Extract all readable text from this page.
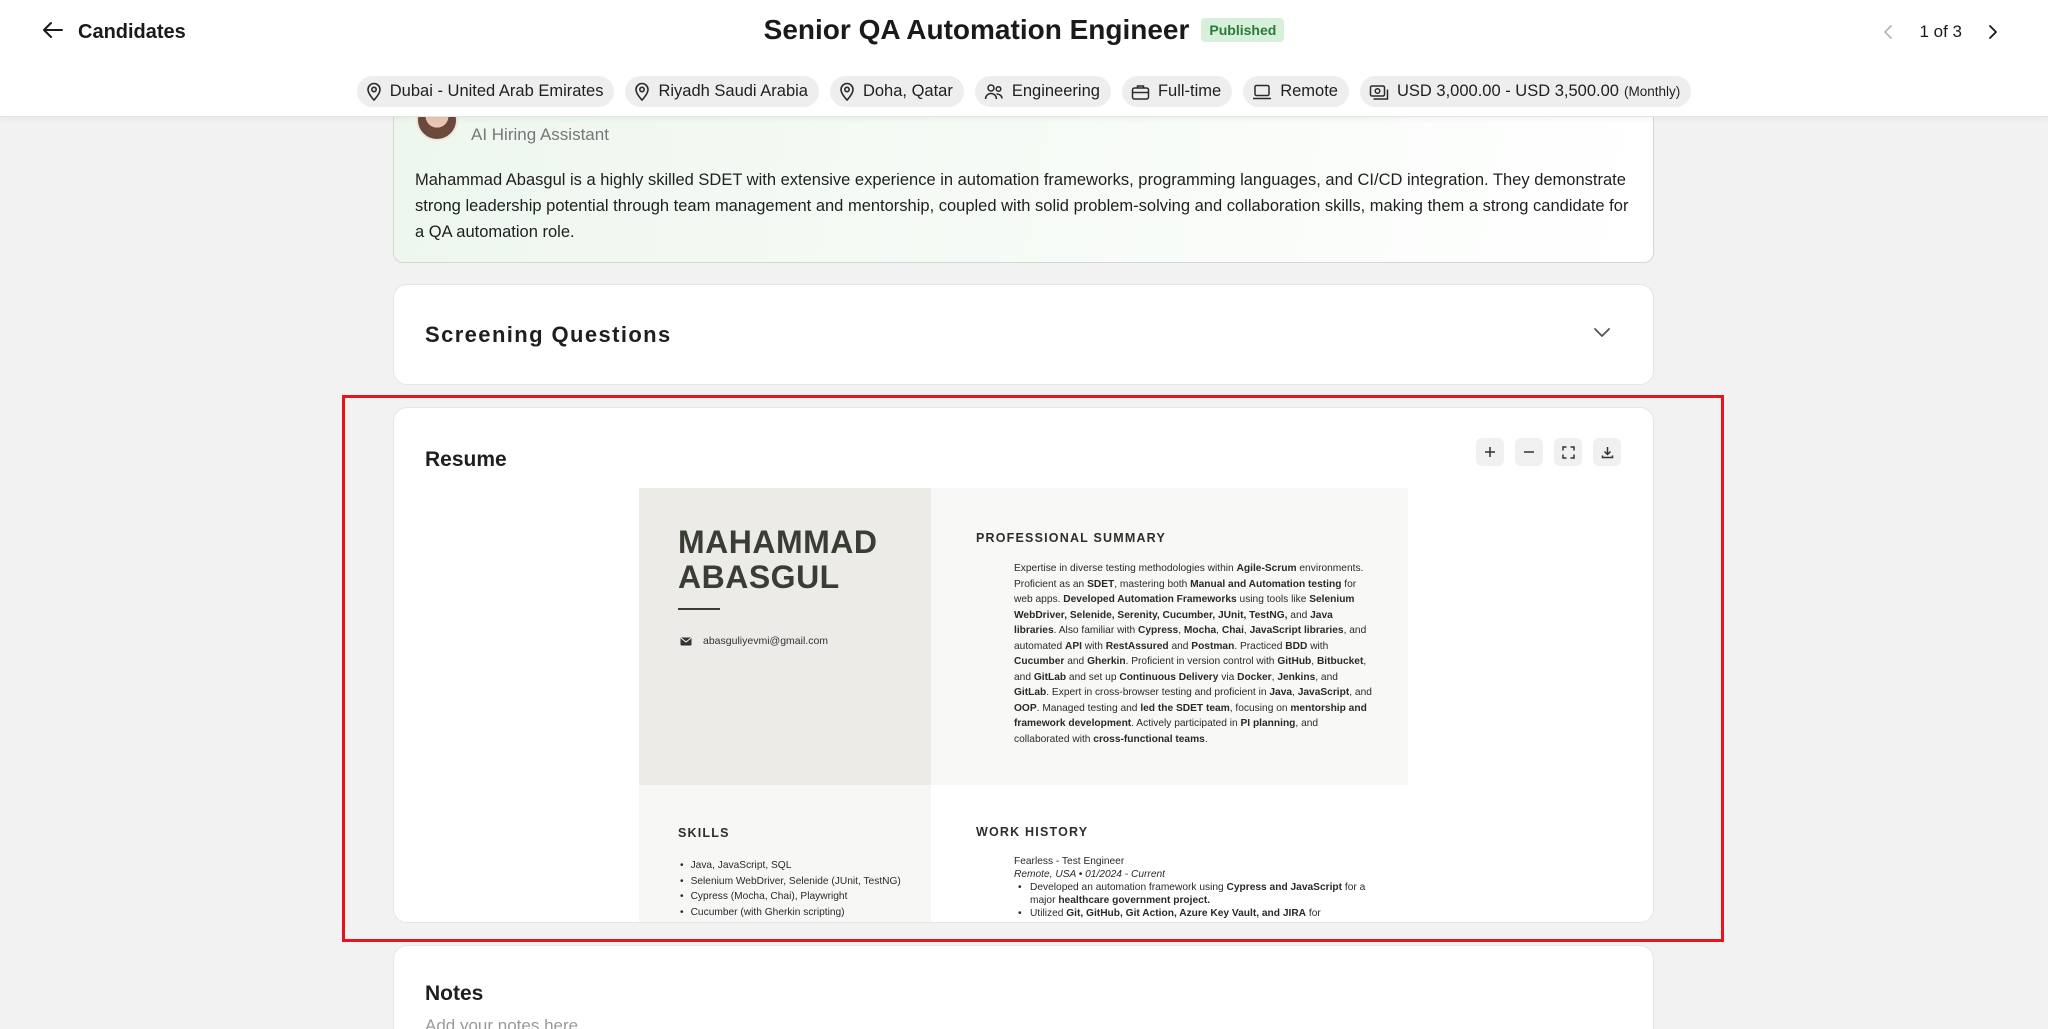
Candidates	Senior QA Automation Engineer	Published	1 of 3
Dubai - United Arab Emirates	Riyadh Saudi Arabia	Doha, Qatar	Engineering	Full-time	Remote	USD 3,000.00 - USD 3,500.00 (Monthly)
AI Hiring Assistant

Mahammad Abasgul is a highly skilled SDET with extensive experience in automation frameworks, programming languages, and CI/CD integration. They demonstrate strong leadership potential through team management and mentorship, coupled with solid problem-solving and collaboration skills, making them a strong candidate for a QA automation role.

Screening Questions
Resume
MAHAMMAD
ABASGUL
abasguliyevmi@gmail.com
PROFESSIONAL SUMMARY

Expertise in diverse testing methodologies within Agile-Scrum environments. Proficient as an SDET, mastering both Manual and Automation testing for web apps. Developed Automation Frameworks using tools like Selenium WebDriver, Selenide, Serenity, Cucumber, JUnit, TestNG, and Java libraries. Also familiar with Cypress, Mocha, Chai, JavaScript libraries, and automated API with RestAssured and Postman. Practiced BDD with Cucumber and Gherkin. Proficient in version control with GitHub, Bitbucket, and GitLab and set up Continuous Delivery via Docker, Jenkins, and GitLab. Expert in cross-browser testing and proficient in Java, JavaScript, and OOP. Managed testing and led the SDET team, focusing on mentorship and framework development. Actively participated in PI planning, and collaborated with cross-functional teams.

SKILLS
• Java, JavaScript, SQL
• Selenium WebDriver, Selenide (JUnit, TestNG)
• Cypress (Mocha, Chai), Playwright
• Cucumber (with Gherkin scripting)
WORK HISTORY
Fearless - Test Engineer
Remote, USA • 01/2024 - Current
• Developed an automation framework using Cypress and JavaScript for a major healthcare government project.
• Utilized Git, GitHub, Git Action, Azure Key Vault, and JIRA for
Notes
Add your notes here
